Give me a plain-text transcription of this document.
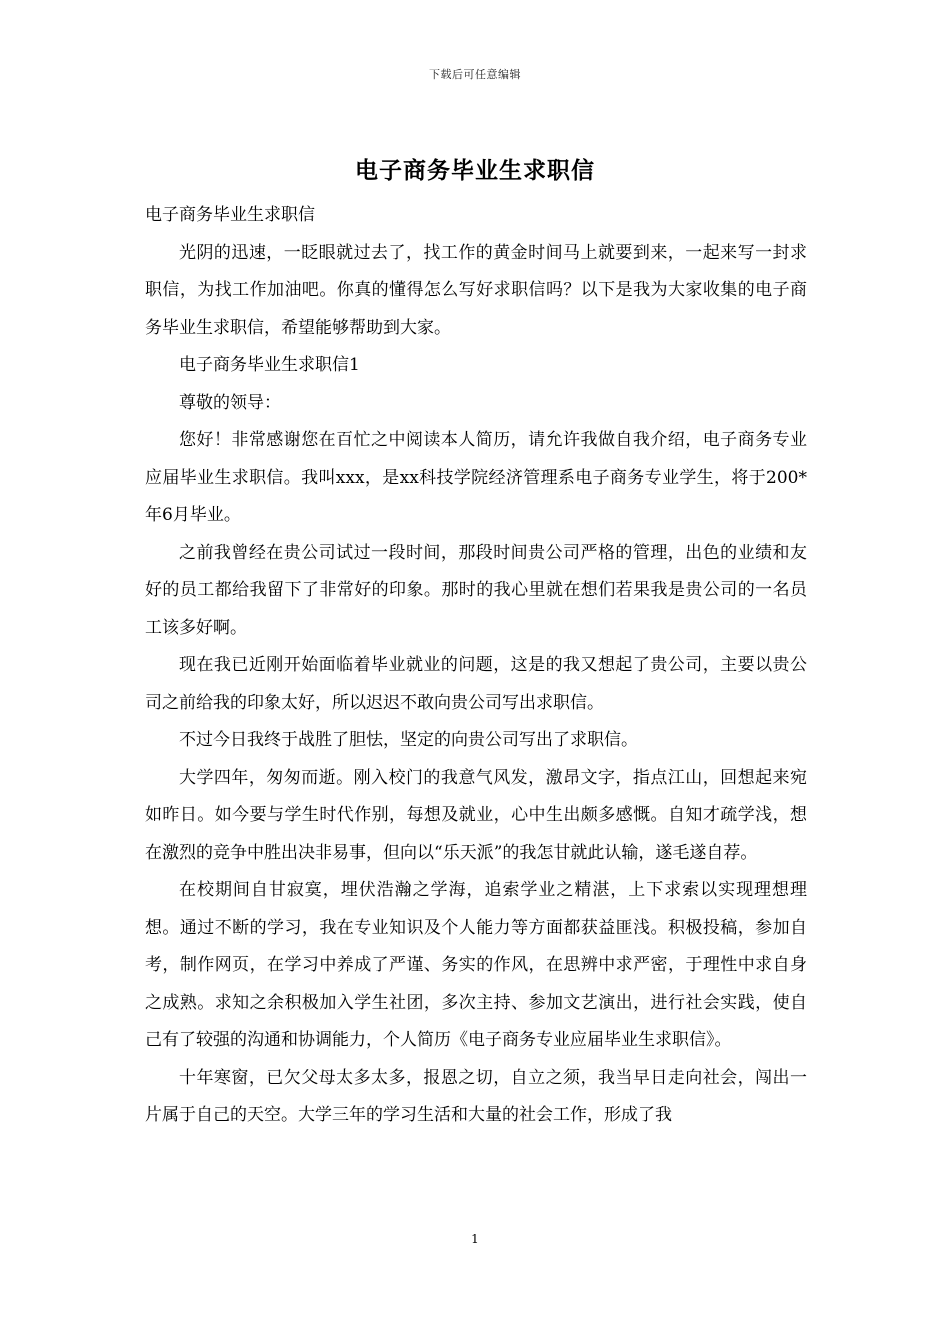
下载后可任意编辑
电子商务毕业生求职信

电子商务毕业生求职信

光阴的迅速，一眨眼就过去了，找工作的黄金时间马上就要到来，一起来写一封求职信，为找工作加油吧。你真的懂得怎么写好求职信吗？以下是我为大家收集的电子商务毕业生求职信，希望能够帮助到大家。

电子商务毕业生求职信1

尊敬的领导：

您好！非常感谢您在百忙之中阅读本人简历，请允许我做自我介绍，电子商务专业应届毕业生求职信。我叫xxx，是xx科技学院经济管理系电子商务专业学生，将于200*年6月毕业。

之前我曾经在贵公司试过一段时间，那段时间贵公司严格的管理，出色的业绩和友好的员工都给我留下了非常好的印象。那时的我心里就在想们若果我是贵公司的一名员工该多好啊。

现在我已近刚开始面临着毕业就业的问题，这是的我又想起了贵公司，主要以贵公司之前给我的印象太好，所以迟迟不敢向贵公司写出求职信。

不过今日我终于战胜了胆怯，坚定的向贵公司写出了求职信。

大学四年，匆匆而逝。刚入校门的我意气风发，激昂文字，指点江山，回想起来宛如昨日。如今要与学生时代作别，每想及就业，心中生出颇多感慨。自知才疏学浅，想在激烈的竞争中胜出决非易事，但向以“乐天派”的我怎甘就此认输，遂毛遂自荐。

在校期间自甘寂寞，埋伏浩瀚之学海，追索学业之精湛，上下求索以实现理想理想。通过不断的学习，我在专业知识及个人能力等方面都获益匪浅。积极投稿，参加自考，制作网页，在学习中养成了严谨、务实的作风，在思辨中求严密，于理性中求自身之成熟。求知之余积极加入学生社团，多次主持、参加文艺演出，进行社会实践，使自己有了较强的沟通和协调能力，个人简历《电子商务专业应届毕业生求职信》。

十年寒窗，已欠父母太多太多，报恩之切，自立之须，我当早日走向社会，闯出一片属于自己的天空。大学三年的学习生活和大量的社会工作，形成了我

1
